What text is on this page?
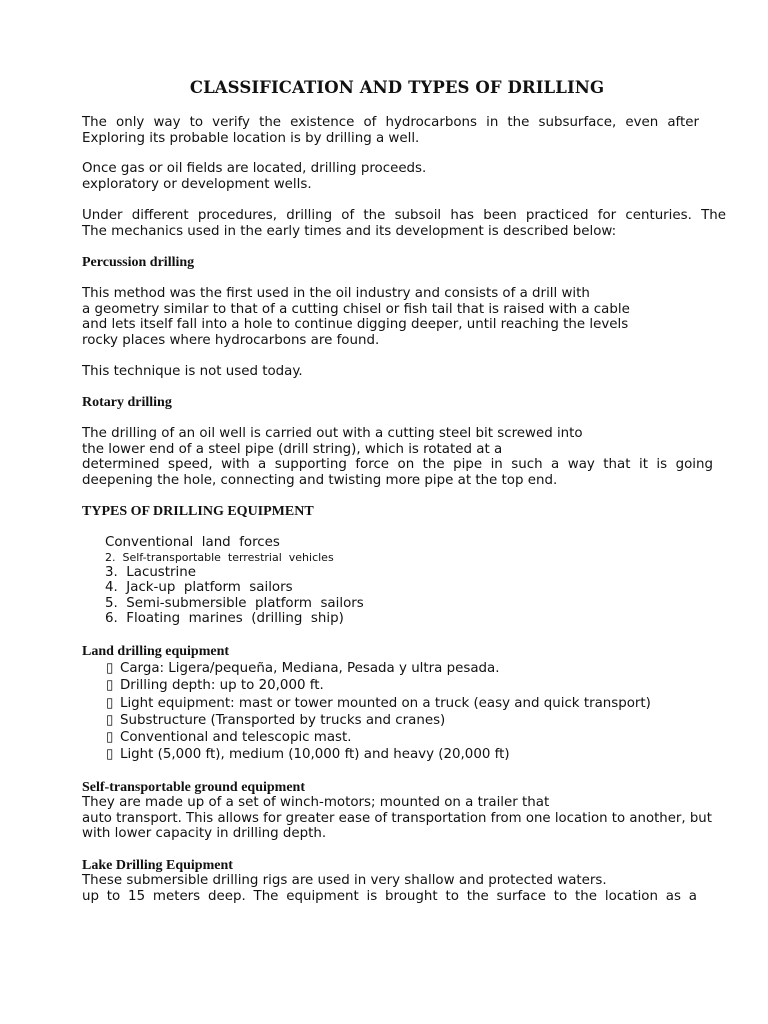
CLASSIFICATION AND TYPES OF DRILLING
The only way to verify the existence of hydrocarbons in the subsurface, even after
Exploring its probable location is by drilling a well.
Once gas or oil fields are located, drilling proceeds.
exploratory or development wells.
Under different procedures, drilling of the subsoil has been practiced for centuries. The
The mechanics used in the early times and its development is described below:
Percussion drilling
This method was the first used in the oil industry and consists of a drill with
a geometry similar to that of a cutting chisel or fish tail that is raised with a cable
and lets itself fall into a hole to continue digging deeper, until reaching the levels
rocky places where hydrocarbons are found.
This technique is not used today.
Rotary drilling
The drilling of an oil well is carried out with a cutting steel bit screwed into
the lower end of a steel pipe (drill string), which is rotated at a
determined speed, with a supporting force on the pipe in such a way that it is going
deepening the hole, connecting and twisting more pipe at the top end.
TYPES OF DRILLING EQUIPMENT
Conventional  land  forces
2.  Self-transportable  terrestrial  vehicles
3.  Lacustrine
4.  Jack-up  platform  sailors
5.  Semi-submersible  platform  sailors
6.  Floating  marines  (drilling  ship)
Land drilling equipment
▯ Carga: Ligera/pequeña, Mediana, Pesada y ultra pesada.
▯ Drilling depth: up to 20,000 ft.
▯ Light equipment: mast or tower mounted on a truck (easy and quick transport)
▯ Substructure (Transported by trucks and cranes)
▯ Conventional and telescopic mast.
▯ Light (5,000 ft), medium (10,000 ft) and heavy (20,000 ft)
Self-transportable ground equipment
They are made up of a set of winch-motors; mounted on a trailer that
auto transport. This allows for greater ease of transportation from one location to another, but
with lower capacity in drilling depth.
Lake Drilling Equipment
These submersible drilling rigs are used in very shallow and protected waters.
up to 15 meters deep. The equipment is brought to the surface to the location as a
